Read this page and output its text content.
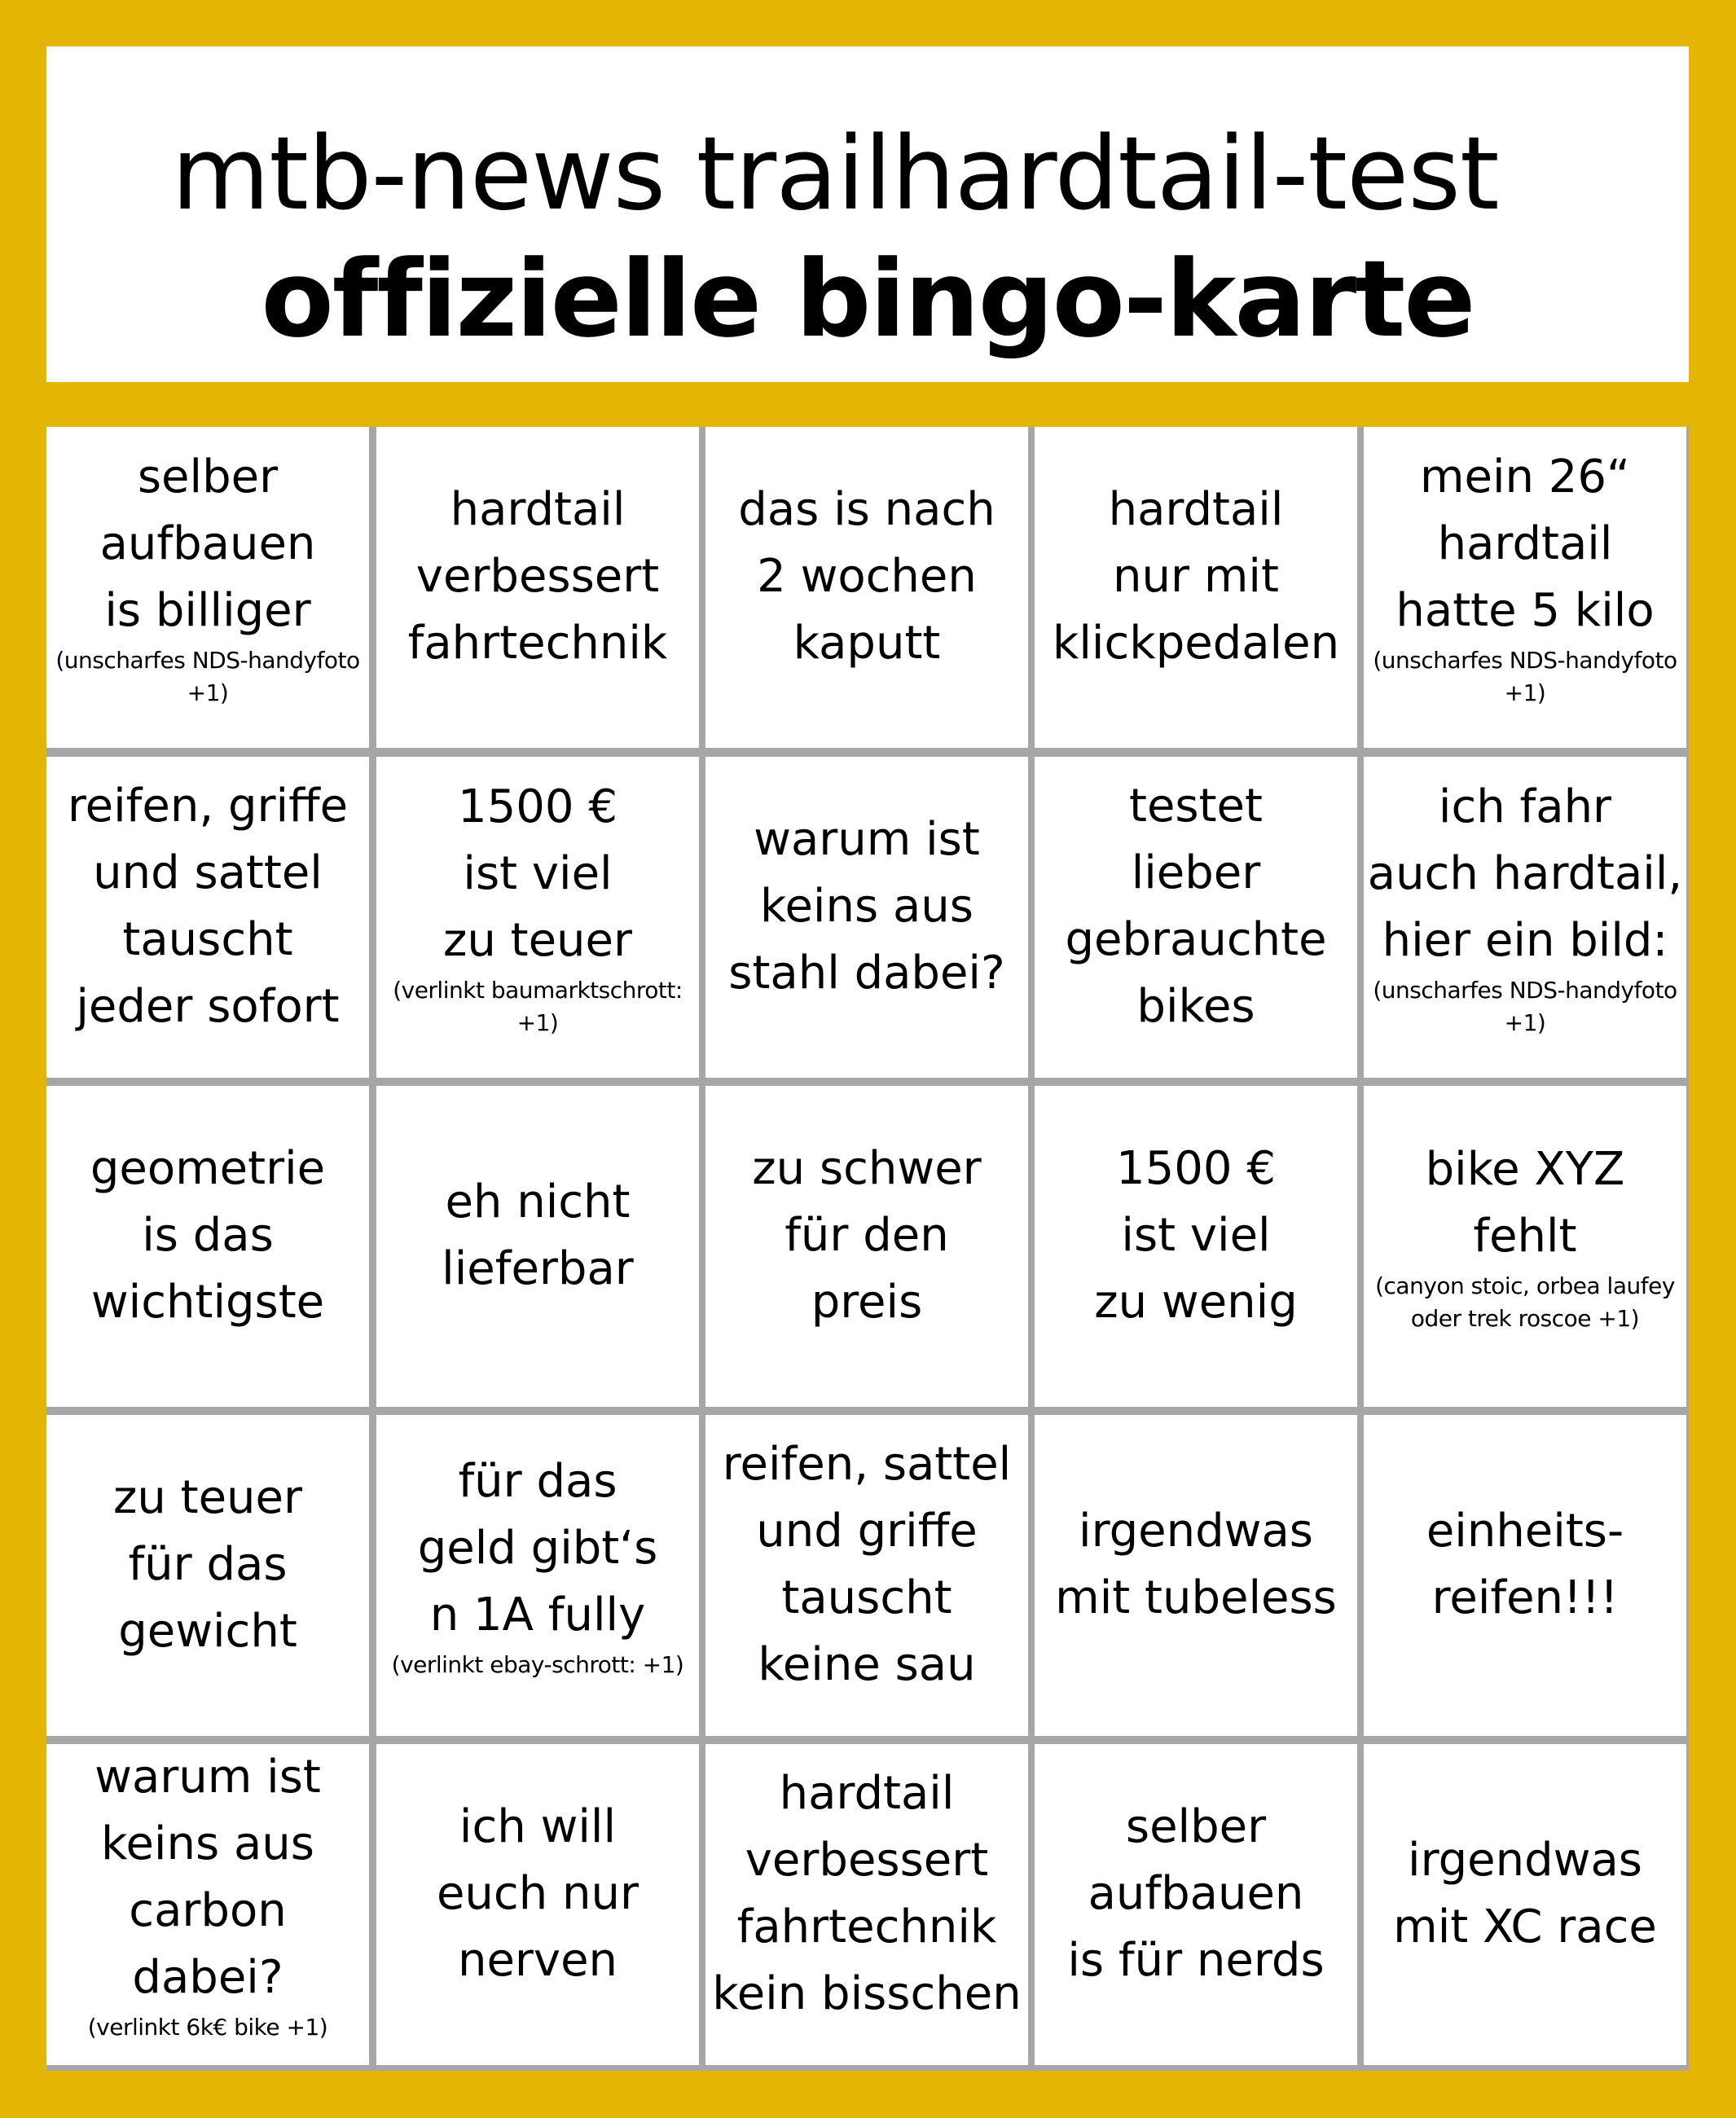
mtb-news trailhardtail-test
offizielle bingo-karte
selber
aufbauen
is billiger
(unscharfes NDS-handyfoto +1)
hardtail
verbessert
fahrtechnik
das is nach
2 wochen
kaputt
hardtail
nur mit
klickpedalen
mein 26“
hardtail
hatte 5 kilo
(unscharfes NDS-handyfoto +1)
reifen, griffe
und sattel
tauscht
jeder sofort
1500 €
ist viel
zu teuer
(verlinkt baumarktschrott: +1)
warum ist
keins aus
stahl dabei?
testet
lieber
gebrauchte
bikes
ich fahr
auch hardtail,
hier ein bild:
(unscharfes NDS-handyfoto +1)
geometrie
is das
wichtigste
eh nicht
lieferbar
zu schwer
für den
preis
1500 €
ist viel
zu wenig
bike XYZ
fehlt
(canyon stoic, orbea laufey
oder trek roscoe +1)
zu teuer
für das
gewicht
für das
geld gibt‘s
n 1A fully
(verlinkt ebay-schrott: +1)
reifen, sattel
und griffe
tauscht
keine sau
irgendwas
mit tubeless
einheits-
reifen!!!
warum ist
keins aus
carbon dabei?
(verlinkt 6k€ bike +1)
ich will
euch nur
nerven
hardtail
verbessert
fahrtechnik
kein bisschen
selber
aufbauen
is für nerds
irgendwas
mit XC race
